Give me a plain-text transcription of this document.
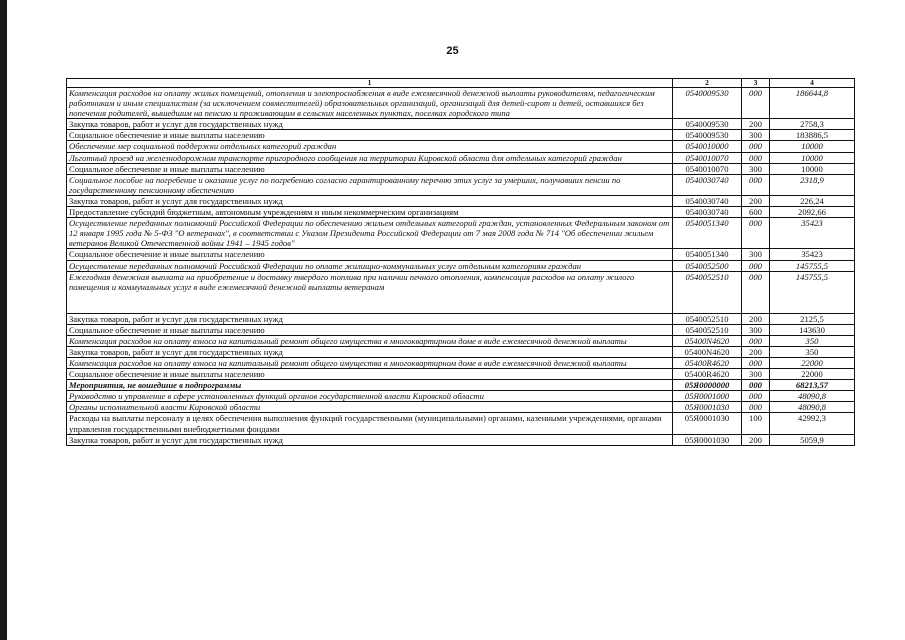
25
1	2	3	4
Компенсация расходов на оплату жилых помещений, отопления и электроснабжения в виде ежемесячной денежной выплаты руководителям, педагогическим работникам и иным специалистам (за исключением совместителей) образовательных организаций, организаций для детей-сирот и детей, оставшихся без попечения родителей, вышедшим на пенсию и проживающим в сельских населенных пунктах, поселках городского типа	0540009530	000	186644,8
Закупка товаров, работ и услуг для государственных нужд	0540009530	200	2758,3
Социальное обеспечение и иные выплаты населению	0540009530	300	183886,5
Обеспечение мер социальной поддержки отдельных категорий граждан	0540010000	000	10000
Льготный проезд на железнодорожном транспорте пригородного сообщения на территории Кировской области для отдельных категорий граждан	0540010070	000	10000
Социальное обеспечение и иные выплаты населению	0540010070	300	10000
Социальное пособие на погребение и оказание услуг по погребению согласно гарантированному перечню этих услуг за умерших, получавших пенсии по государственному пенсионному обеспечению	0540030740	000	2318,9
Закупка товаров, работ и услуг для государственных нужд	0540030740	200	226,24
Предоставление субсидий бюджетным, автономным учреждениям и иным некоммерческим организациям	0540030740	600	2092,66
Осуществление переданных полномочий Российской Федерации по обеспечению жильем отдельных категорий граждан, установленных Федеральным законом от 12 января 1995 года № 5-ФЗ "О ветеранах", в соответствии с Указом Президента Российской Федерации от 7 мая 2008 года № 714 "Об обеспечении жильем ветеранов Великой Отечественной войны 1941 – 1945 годов"	0540051340	000	35423
Социальное обеспечение и иные выплаты населению	0540051340	300	35423
Осуществление переданных полномочий Российской Федерации по оплате жилищно-коммунальных услуг отдельным категориям граждан	0540052500	000	145755,5
Ежегодная денежная выплата на приобретение и доставку твердого топлива при наличии печного отопления, компенсация расходов на оплату жилого помещения и коммунальных услуг в виде ежемесячной денежной выплаты ветеранам	0540052510	000	145755,5
Закупка товаров, работ и услуг для государственных нужд	0540052510	200	2125,5
Социальное обеспечение и иные выплаты населению	0540052510	300	143630
Компенсация расходов на оплату взноса на капитальный ремонт общего имущества в многоквартирном доме в виде ежемесячной денежной выплаты	05400N4620	000	350
Закупка товаров, работ и услуг для государственных нужд	05400N4620	200	350
Компенсация расходов на оплату взноса на капитальный ремонт общего имущества в многоквартирном доме в виде ежемесячной денежной выплаты	05400R4620	000	22000
Социальное обеспечение и иные выплаты населению	05400R4620	300	22000
Мероприятия, не вошедшие в подпрограммы	05Я0000000	000	68213,57
Руководство и управление в сфере установленных функций органов государственной власти Кировской области	05Я0001000	000	48090,8
Органы исполнительной власти Кировской области	05Я0001030	000	48090,8
Расходы на выплаты персоналу в целях обеспечения выполнения функций государственными (муниципальными) органами, казенными учреждениями, органами управления государственными внебюджетными фондами	05Я0001030	100	42992,3
Закупка товаров, работ и услуг для государственных нужд	05Я0001030	200	5059,9
